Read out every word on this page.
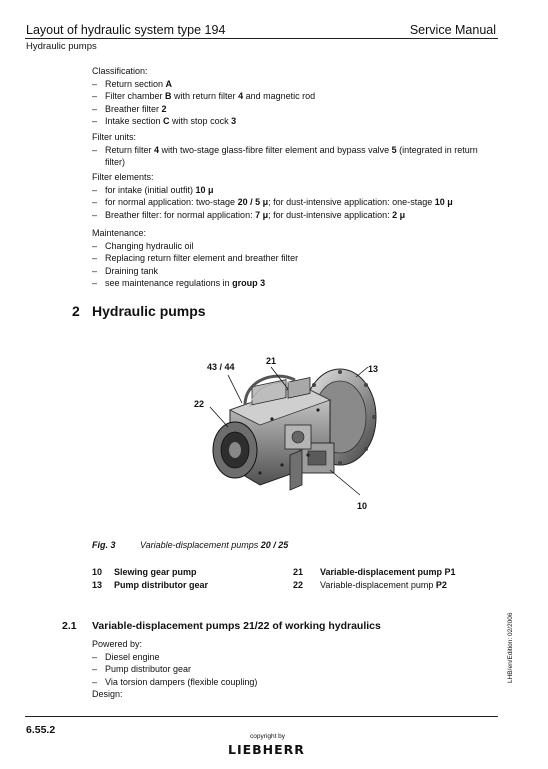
Layout of hydraulic system type 194	Service Manual
Hydraulic pumps

Classification:

– Return section A
– Filter chamber B with return filter 4 and magnetic rod
– Breather filter 2
– Intake section C with stop cock 3

Filter units:

– Return filter 4 with two-stage glass-fibre filter element and bypass valve 5 (integrated in return filter)

Filter elements:

– for intake (initial outfit) 10 μ
– for normal application: two-stage 20 / 5 μ; for dust-intensive application: one-stage 10 μ
– Breather filter: for normal application: 7 μ; for dust-intensive application: 2 μ

Maintenance:

– Changing hydraulic oil
– Replacing return filter element and breather filter
– Draining tank
– see maintenance regulations in group 3
2 Hydraulic pumps
43 / 44
21
13
22
10
Fig. 3	Variable-displacement pumps 20 / 25
10 Slewing gear pump
13 Pump distributor gear
21 Variable-displacement pump P1
22 Variable-displacement pump P2
2.1 Variable-displacement pumps 21/22 of working hydraulics

Powered by:

– Diesel engine
– Pump distributor gear
– Via torsion dampers (flexible coupling)

Design:

LHB/en/Edition: 02/2006
6.55.2
copyright by
LIEBHERR
